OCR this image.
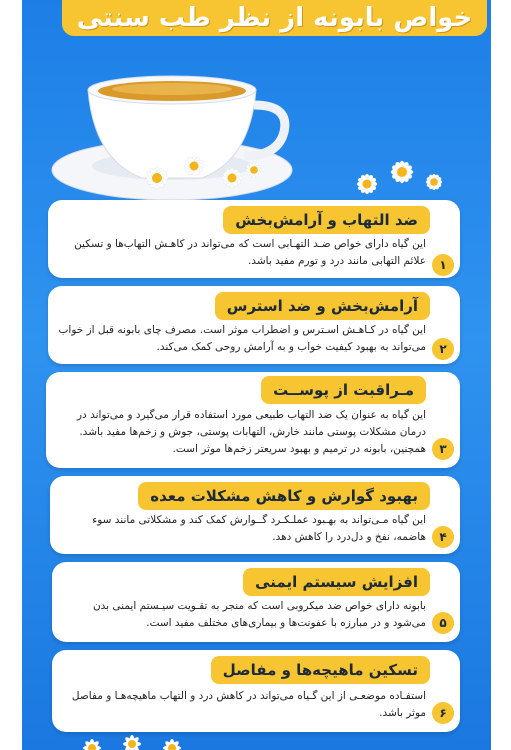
خواص بابونه از نظر طب سنتی
ضد التهاب و آرامش‌بخش
این گیاه دارای خواص ضـد التهـابی است که می‌تواند در کاهـش التهاب‌ها و تسکین علائم التهابی مانند درد و تورم مفید باشد.	۱
آرامش‌بخش و ضد استرس
این گیاه در کـاهـش اسـترس و اضطراب موثر است. مصرف چای بابونه قبل از خواب می‌تواند به بهبود کیفیت خواب و به آرامش روحی کمک می‌کند.	۲
مـراقبت از پوســت
این گیاه به عنوان یک ضد التهاب طبیعی مورد استفاده قرار می‌گیرد و می‌تواند در درمان مشکلات پوستی مانند خارش، التهابات پوستی، جوش و زخم‌ها مفید باشد. همچنین، بابونه در ترمیم و بهبود سریعتر زخم‌ها موثر است.	۳
بهبود گوارش و کاهش مشکلات معده
این گیاه مـی‌تواند به بهـبود عملـکـرد گــوارش کمک کند و مشکلاتی مانند سوء هاضمه، نفخ و دل‌درد را کاهش دهد.	۴
افزایش سیستم ایمنی
بابونه دارای خواص ضد میکروبی است که منجر به تقـویت سیـستم ایمنی بدن می‌شود و در مبارزه با عفونت‌ها و بیماری‌های مختلف مفید است.	۵
تسکین ماهیچه‌ها و مفاصل
استفـاده موضعـی از این گـیاه می‌تواند در کاهش درد و التهاب ماهیچه‌هـا و مفاصل موثر باشد.	۶
